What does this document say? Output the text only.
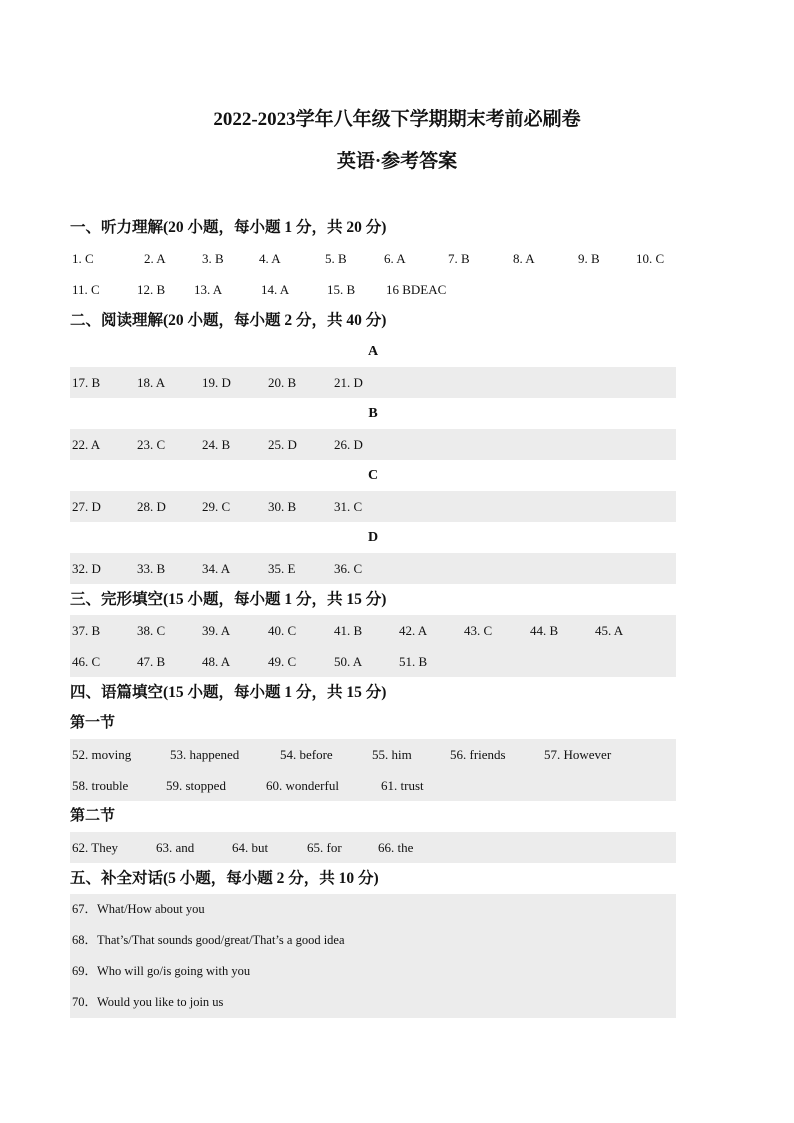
2022-2023学年八年级下学期期末考前必刷卷
英语·参考答案
一、听力理解(20 小题，每小题 1 分，共 20 分)
1. C	2. A	3. B	4. A	5. B	6. A	7. B	8. A	9. B	10. C
11. C	12. B 13. A	14. A	15. B 16 BDEAC
二、阅读理解(20 小题，每小题 2 分，共 40 分)
A
17. B	18. A	19. D	20. B	21. D
B
22. A	23. C	24. B	25. D	26. D
C
27. D	28. D	29. C	30. B	31. C
D
32. D	33. B	34. A	35. E	36. C
三、完形填空(15 小题，每小题 1 分，共 15 分)
37. B	38. C	39. A	40. C	41. B	42. A	43. C	44. B	45. A
46. C	47. B	48. A	49. C	50. A	51. B
四、语篇填空(15 小题，每小题 1 分，共 15 分)
第一节
52. moving	53. happened	54. before	55. him	56. friends	57. However
58. trouble	59. stopped	60. wonderful	61. trust
第二节
62. They	63. and	64. but	65. for	66. the
五、补全对话(5 小题，每小题 2 分，共 10 分)
67．What/How about you
68．That’s/That sounds good/great/That’s a good idea
69．Who will go/is going with you
70．Would you like to join us
